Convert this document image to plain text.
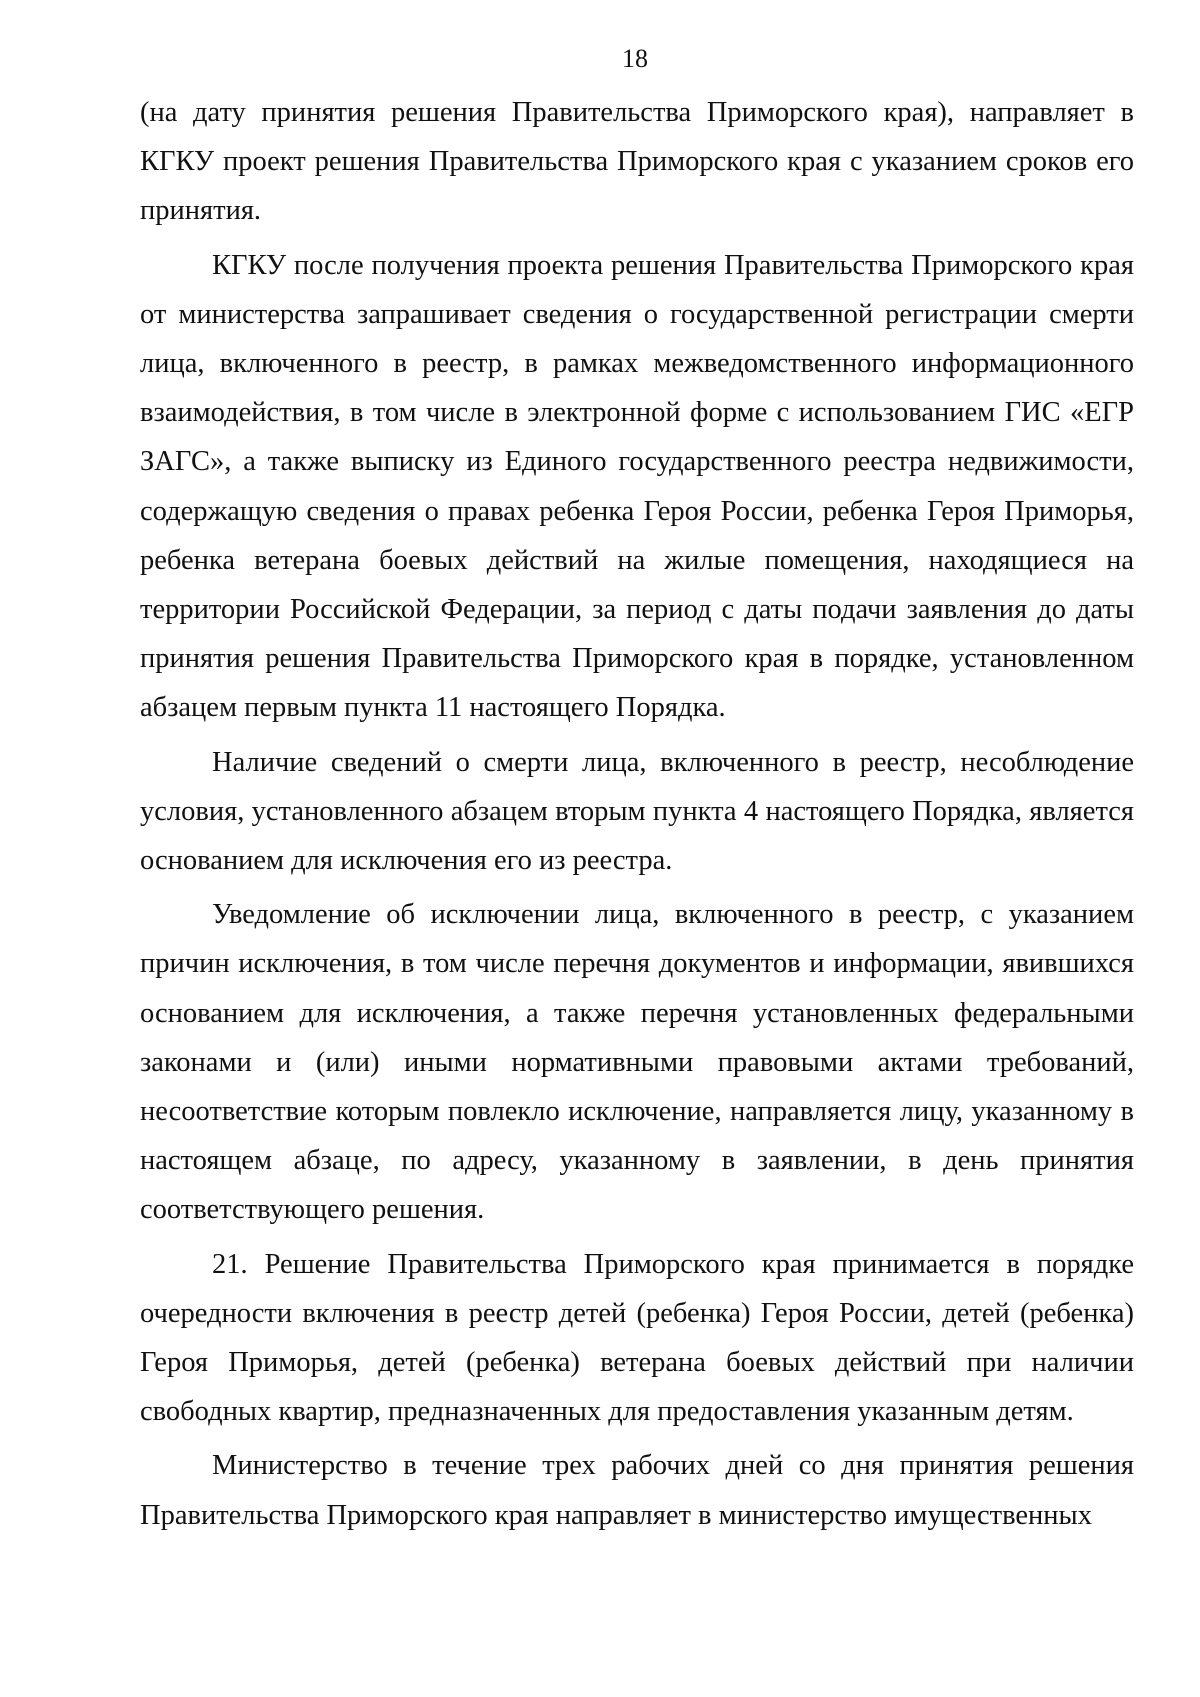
18

(на дату принятия решения Правительства Приморского края), направляет в КГКУ проект решения Правительства Приморского края с указанием сроков его принятия.

КГКУ после получения проекта решения Правительства Приморского края от министерства запрашивает сведения о государственной регистрации смерти лица, включенного в реестр, в рамках межведомственного информационного взаимодействия, в том числе в электронной форме с использованием ГИС «ЕГР ЗАГС», а также выписку из Единого государственного реестра недвижимости, содержащую сведения о правах ребенка Героя России, ребенка Героя Приморья, ребенка ветерана боевых действий на жилые помещения, находящиеся на территории Российской Федерации, за период с даты подачи заявления до даты принятия решения Правительства Приморского края в порядке, установленном абзацем первым пункта 11 настоящего Порядка.

Наличие сведений о смерти лица, включенного в реестр, несоблюдение условия, установленного абзацем вторым пункта 4 настоящего Порядка, является основанием для исключения его из реестра.

Уведомление об исключении лица, включенного в реестр, с указанием причин исключения, в том числе перечня документов и информации, явившихся основанием для исключения, а также перечня установленных федеральными законами и (или) иными нормативными правовыми актами требований, несоответствие которым повлекло исключение, направляется лицу, указанному в настоящем абзаце, по адресу, указанному в заявлении, в день принятия соответствующего решения.

21. Решение Правительства Приморского края принимается в порядке очередности включения в реестр детей (ребенка) Героя России, детей (ребенка) Героя Приморья, детей (ребенка) ветерана боевых действий при наличии свободных квартир, предназначенных для предоставления указанным детям.

Министерство в течение трех рабочих дней со дня принятия решения Правительства Приморского края направляет в министерство имущественных
